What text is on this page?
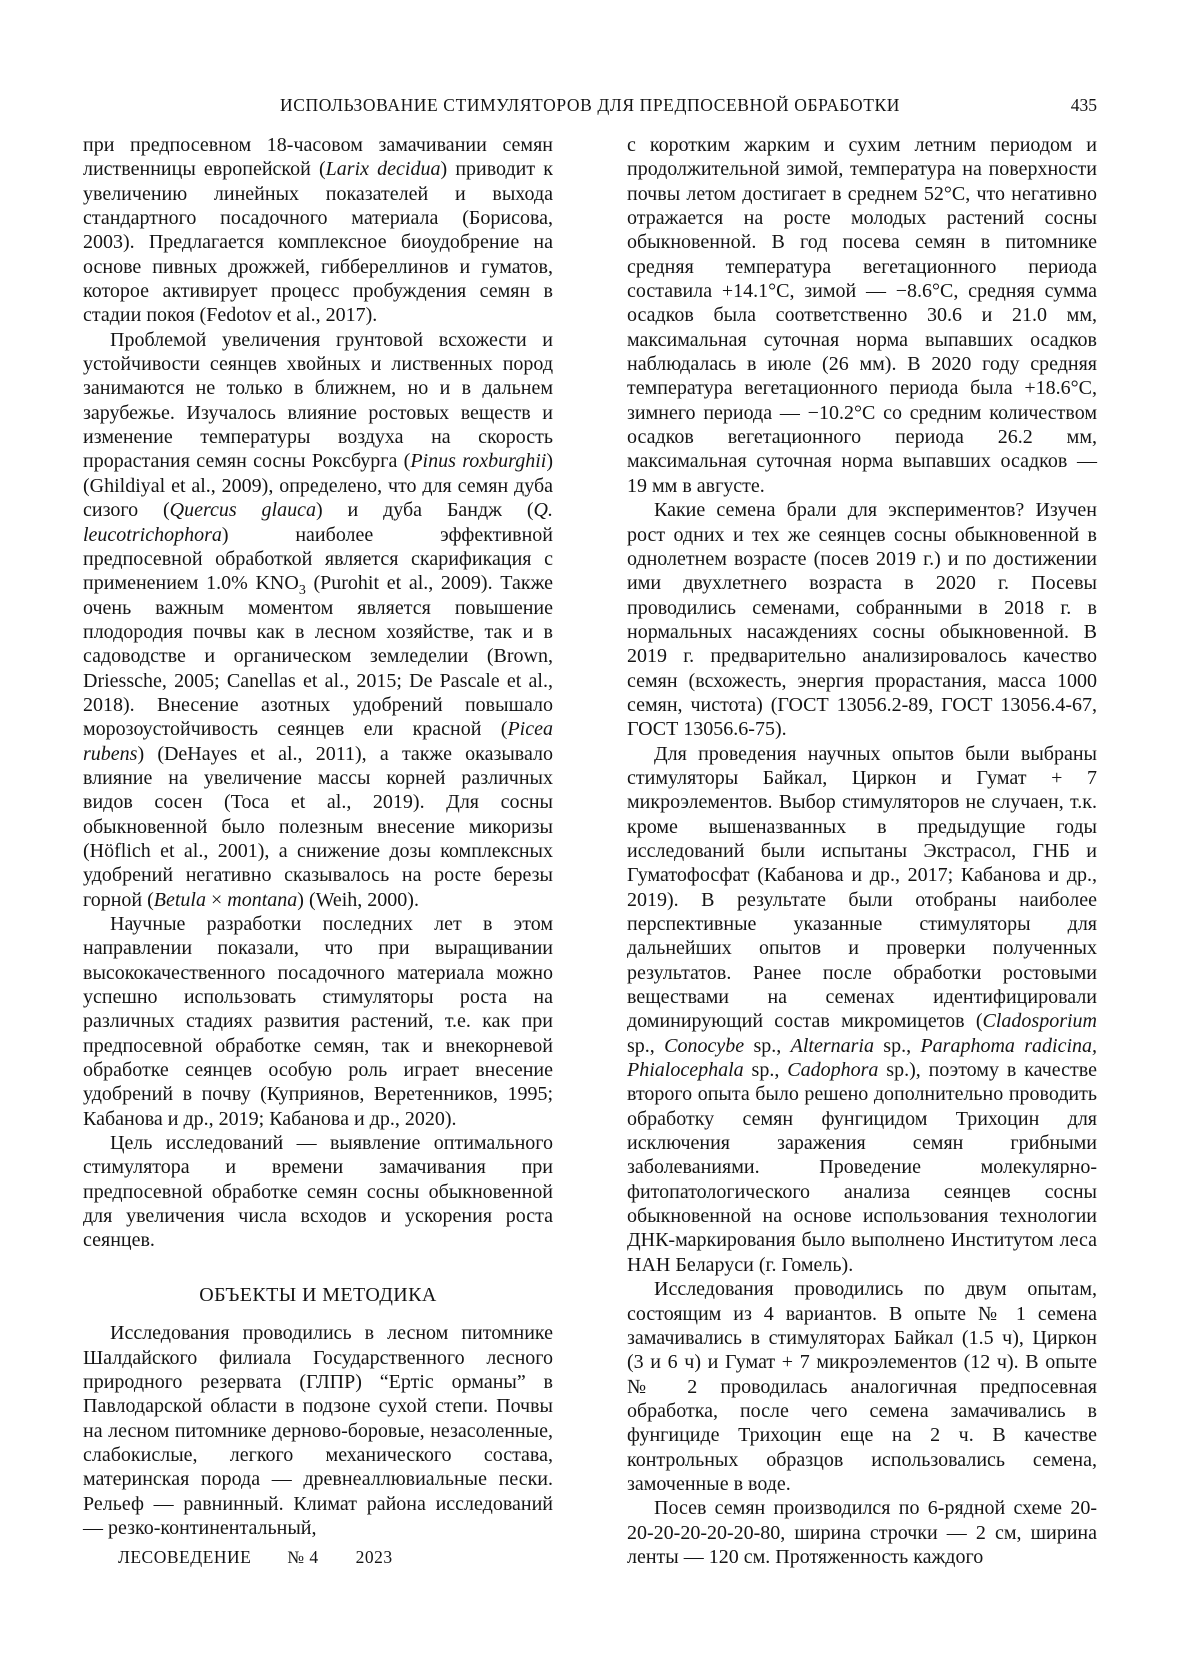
ИСПОЛЬЗОВАНИЕ СТИМУЛЯТОРОВ ДЛЯ ПРЕДПОСЕВНОЙ ОБРАБОТКИ	435

при предпосевном 18-часовом замачивании семян лиственницы европейской (Larix decidua) приводит к увеличению линейных показателей и выхода стандартного посадочного материала (Борисова, 2003). Предлагается комплексное биоудобрение на основе пивных дрожжей, гиббереллинов и гуматов, которое активирует процесс пробуждения семян в стадии покоя (Fedotov et al., 2017).

Проблемой увеличения грунтовой всхожести и устойчивости сеянцев хвойных и лиственных пород занимаются не только в ближнем, но и в дальнем зарубежье. Изучалось влияние ростовых веществ и изменение температуры воздуха на скорость прорастания семян сосны Роксбурга (Pinus roxburghii) (Ghildiyal et al., 2009), определено, что для семян дуба сизого (Quercus glauca) и дуба Бандж (Q. leucotrichophora) наиболее эффективной предпосевной обработкой является скарификация с применением 1.0% $KNO_3$ (Purohit et al., 2009). Также очень важным моментом является повышение плодородия почвы как в лесном хозяйстве, так и в садоводстве и органическом земледелии (Brown, Driessche, 2005; Canellas et al., 2015; De Pascale et al., 2018). Внесение азотных удобрений повышало морозоустойчивость сеянцев ели красной (Picea rubens) (DeHayes et al., 2011), а также оказывало влияние на увеличение массы корней различных видов сосен (Toca et al., 2019). Для сосны обыкновенной было полезным внесение микоризы (Höflich et al., 2001), а снижение дозы комплексных удобрений негативно сказывалось на росте березы горной (Betula × montana) (Weih, 2000).

Научные разработки последних лет в этом направлении показали, что при выращивании высококачественного посадочного материала можно успешно использовать стимуляторы роста на различных стадиях развития растений, т.е. как при предпосевной обработке семян, так и внекорневой обработке сеянцев особую роль играет внесение удобрений в почву (Куприянов, Веретенников, 1995; Кабанова и др., 2019; Кабанова и др., 2020).

Цель исследований — выявление оптимального стимулятора и времени замачивания при предпосевной обработке семян сосны обыкновенной для увеличения числа всходов и ускорения роста сеянцев.

ОБЪЕКТЫ И МЕТОДИКА

Исследования проводились в лесном питомнике Шалдайского филиала Государственного лесного природного резервата (ГЛПР) “Ертiс орманы” в Павлодарской области в подзоне сухой степи. Почвы на лесном питомнике дерново-боровые, незасоленные, слабокислые, легкого механического состава, материнская порода — древнеаллювиальные пески. Рельеф — равнинный. Климат района исследований — резко-континентальный,

с коротким жарким и сухим летним периодом и продолжительной зимой, температура на поверхности почвы летом достигает в среднем 52°С, что негативно отражается на росте молодых растений сосны обыкновенной. В год посева семян в питомнике средняя температура вегетационного периода составила +14.1°С, зимой — −8.6°С, средняя сумма осадков была соответственно 30.6 и 21.0 мм, максимальная суточная норма выпавших осадков наблюдалась в июле (26 мм). В 2020 году средняя температура вегетационного периода была +18.6°С, зимнего периода — −10.2°С со средним количеством осадков вегетационного периода 26.2 мм, максимальная суточная норма выпавших осадков — 19 мм в августе.

Какие семена брали для экспериментов? Изучен рост одних и тех же сеянцев сосны обыкновенной в однолетнем возрасте (посев 2019 г.) и по достижении ими двухлетнего возраста в 2020 г. Посевы проводились семенами, собранными в 2018 г. в нормальных насаждениях сосны обыкновенной. В 2019 г. предварительно анализировалось качество семян (всхожесть, энергия прорастания, масса 1000 семян, чистота) (ГОСТ 13056.2-89, ГОСТ 13056.4-67, ГОСТ 13056.6-75).

Для проведения научных опытов были выбраны стимуляторы Байкал, Циркон и Гумат + 7 микроэлементов. Выбор стимуляторов не случаен, т.к. кроме вышеназванных в предыдущие годы исследований были испытаны Экстрасол, ГНБ и Гуматофосфат (Кабанова и др., 2017; Кабанова и др., 2019). В результате были отобраны наиболее перспективные указанные стимуляторы для дальнейших опытов и проверки полученных результатов. Ранее после обработки ростовыми веществами на семенах идентифицировали доминирующий состав микромицетов (Cladosporium sp., Conocybe sp., Alternaria sp., Paraphoma radicina, Phialocephala sp., Cadophora sp.), поэтому в качестве второго опыта было решено дополнительно проводить обработку семян фунгицидом Трихоцин для исключения заражения семян грибными заболеваниями. Проведение молекулярно-фитопатологического анализа сеянцев сосны обыкновенной на основе использования технологии ДНК-маркирования было выполнено Институтом леса НАН Беларуси (г. Гомель).

Исследования проводились по двум опытам, состоящим из 4 вариантов. В опыте № 1 семена замачивались в стимуляторах Байкал (1.5 ч), Циркон (3 и 6 ч) и Гумат + 7 микроэлементов (12 ч). В опыте № 2 проводилась аналогичная предпосевная обработка, после чего семена замачивались в фунгициде Трихоцин еще на 2 ч. В качестве контрольных образцов использовались семена, замоченные в воде.

Посев семян производился по 6-рядной схеме 20-20-20-20-20-20-80, ширина строчки — 2 см, ширина ленты — 120 см. Протяженность каждого

ЛЕСОВЕДЕНИЕ № 4 2023
